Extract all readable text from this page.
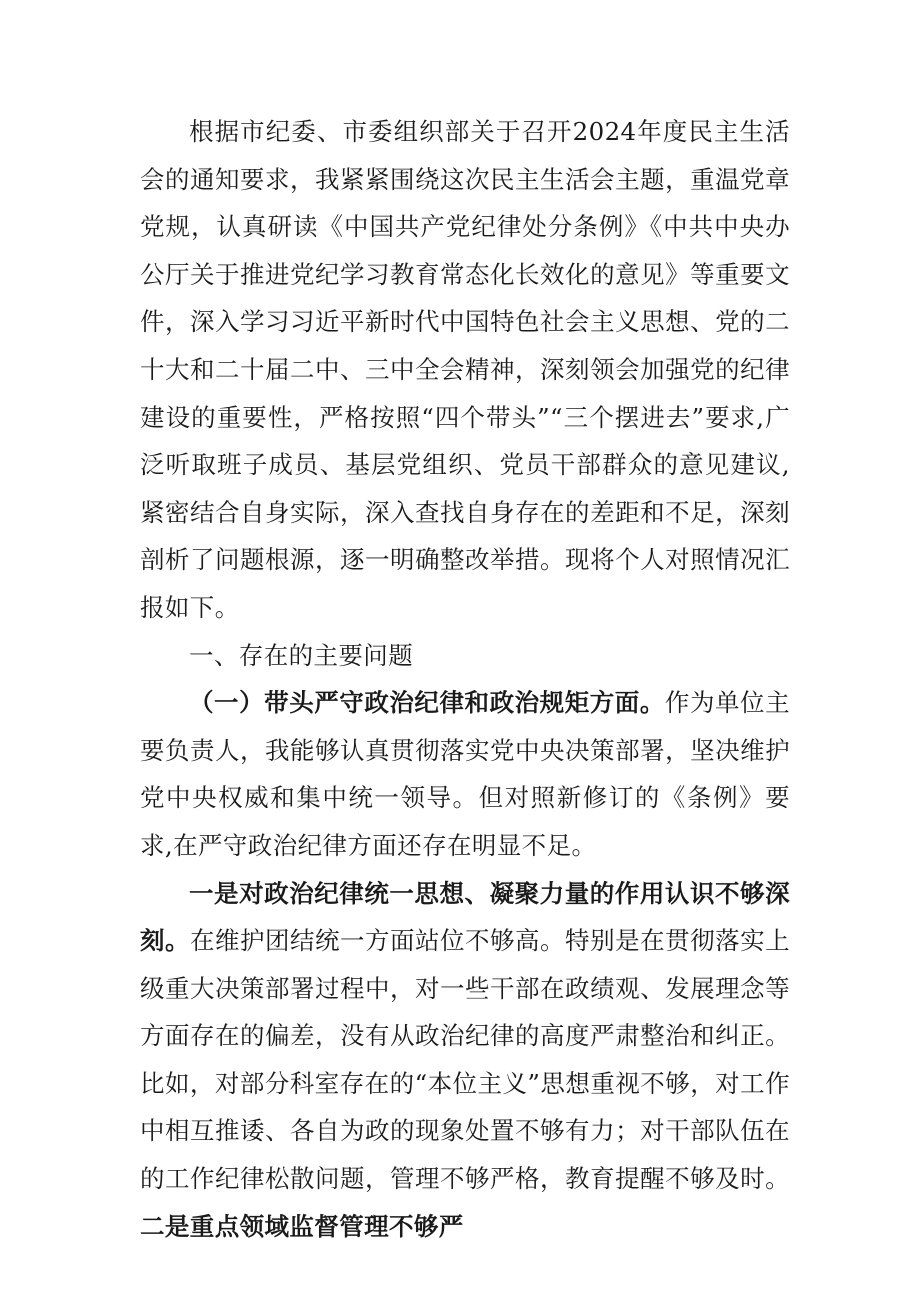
根据市纪委、市委组织部关于召开2024年度民主生活会的通知要求，我紧紧围绕这次民主生活会主题，重温党章党规，认真研读《中国共产党纪律处分条例》《中共中央办公厅关于推进党纪学习教育常态化长效化的意见》等重要文件，深入学习习近平新时代中国特色社会主义思想、党的二十大和二十届二中、三中全会精神，深刻领会加强党的纪律建设的重要性，严格按照“四个带头”“三个摆进去”要求,广泛听取班子成员、基层党组织、党员干部群众的意见建议,紧密结合自身实际，深入查找自身存在的差距和不足，深刻剖析了问题根源，逐一明确整改举措。现将个人对照情况汇报如下。

一、存在的主要问题

（一）带头严守政治纪律和政治规矩方面。作为单位主要负责人，我能够认真贯彻落实党中央决策部署，坚决维护党中央权威和集中统一领导。但对照新修订的《条例》要求,在严守政治纪律方面还存在明显不足。

一是对政治纪律统一思想、凝聚力量的作用认识不够深刻。在维护团结统一方面站位不够高。特别是在贯彻落实上级重大决策部署过程中，对一些干部在政绩观、发展理念等方面存在的偏差，没有从政治纪律的高度严肃整治和纠正。比如，对部分科室存在的“本位主义”思想重视不够，对工作中相互推诿、各自为政的现象处置不够有力；对干部队伍在的工作纪律松散问题，管理不够严格，教育提醒不够及时。二是重点领域监督管理不够严
